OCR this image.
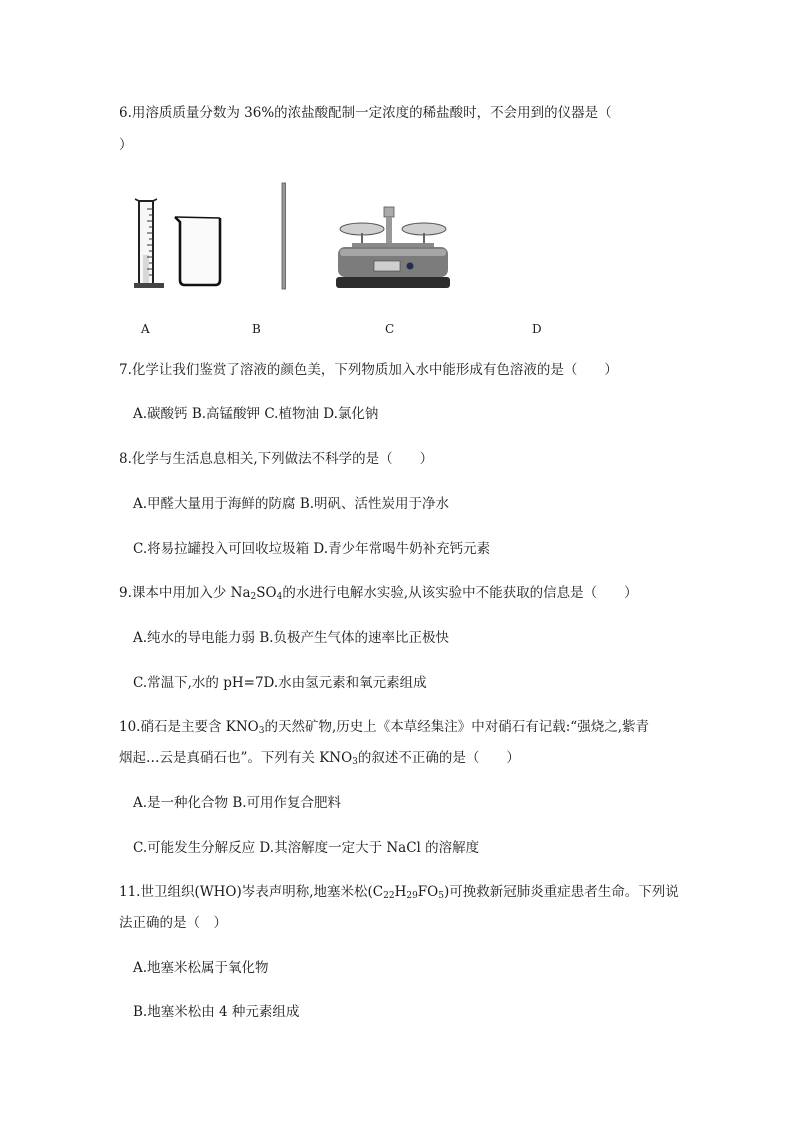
6.用溶质质量分数为 36%的浓盐酸配制一定浓度的稀盐酸时，不会用到的仪器是（
）
A	B	C	D
7.化学让我们鉴赏了溶液的颜色美，下列物质加入水中能形成有色溶液的是（　　）
A.碳酸钙 B.高锰酸钾 C.植物油 D.氯化钠
8.化学与生活息息相关,下列做法不科学的是（　　）
A.甲醛大量用于海鲜的防腐 B.明矾、活性炭用于净水
C.将易拉罐投入可回收垃圾箱 D.青少年常喝牛奶补充钙元素
9.课本中用加入少 $Na_2SO_4$的水进行电解水实验,从该实验中不能获取的信息是（　　）
A.纯水的导电能力弱 B.负极产生气体的速率比正极快
C.常温下,水的 pH=7D.水由氢元素和氧元素组成
10.硝石是主要含 $KNO_3$的天然矿物,历史上《本草经集注》中对硝石有记载:“强烧之,紫青
烟起…云是真硝石也”。下列有关 $KNO_3$的叙述不正确的是（　　）
A.是一种化合物 B.可用作复合肥料
C.可能发生分解反应 D.其溶解度一定大于 NaCl 的溶解度
11.世卫组织(WHO)岑表声明称,地塞米松$(C_{22}H_{29}FO_5)$可挽救新冠肺炎重症患者生命。下列说
法正确的是（　）
A.地塞米松属于氧化物
B.地塞米松由 4 种元素组成
